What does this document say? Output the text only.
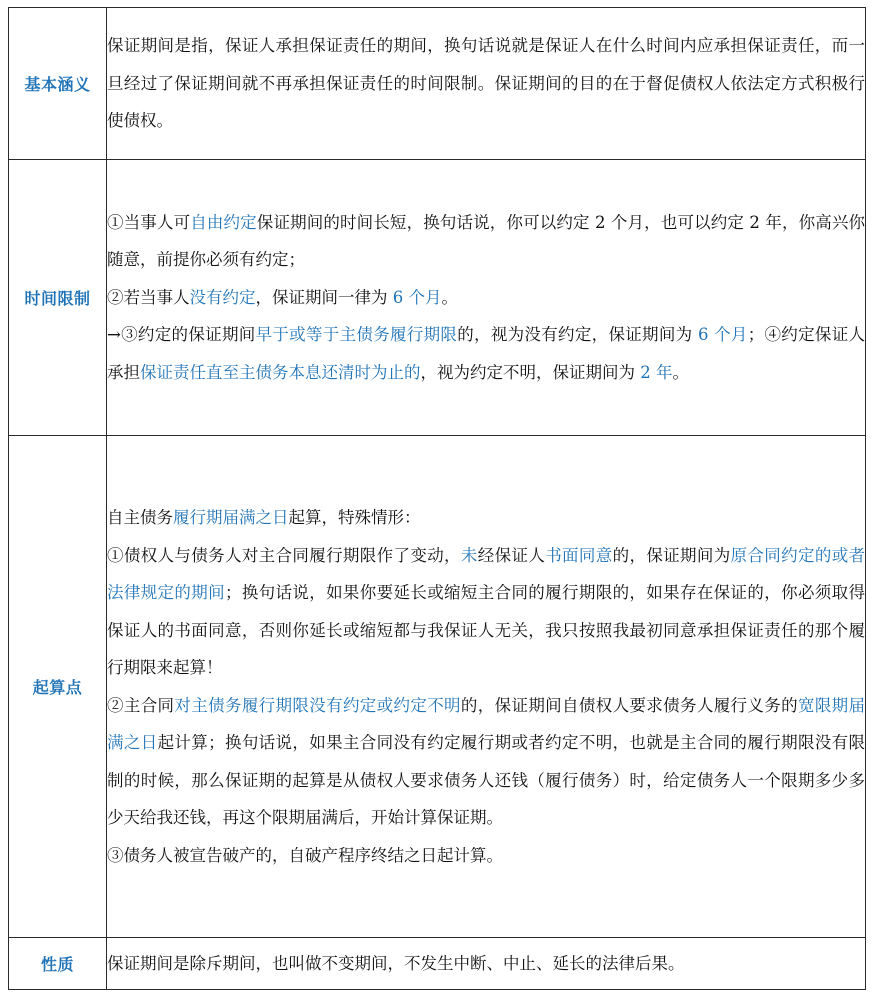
基本涵义	保证期间是指，保证人承担保证责任的期间，换句话说就是保证人在什么时间内应承担保证责任，而一旦经过了保证期间就不再承担保证责任的时间限制。保证期间的目的在于督促债权人依法定方式积极行使债权。

时间限制	①当事人可自由约定保证期间的时间长短，换句话说，你可以约定 2 个月，也可以约定 2 年，你高兴你随意，前提你必须有约定；

②若当事人没有约定，保证期间一律为 6 个月。

→③约定的保证期间早于或等于主债务履行期限的，视为没有约定，保证期间为 6 个月；④约定保证人承担保证责任直至主债务本息还清时为止的，视为约定不明，保证期间为 2 年。

起算点	自主债务履行期届满之日起算，特殊情形：

①债权人与债务人对主合同履行期限作了变动，未经保证人书面同意的，保证期间为原合同约定的或者法律规定的期间；换句话说，如果你要延长或缩短主合同的履行期限的，如果存在保证的，你必须取得保证人的书面同意，否则你延长或缩短都与我保证人无关，我只按照我最初同意承担保证责任的那个履行期限来起算！

②主合同对主债务履行期限没有约定或约定不明的，保证期间自债权人要求债务人履行义务的宽限期届满之日起计算；换句话说，如果主合同没有约定履行期或者约定不明，也就是主合同的履行期限没有限制的时候，那么保证期的起算是从债权人要求债务人还钱（履行债务）时，给定债务人一个限期多少多少天给我还钱，再这个限期届满后，开始计算保证期。

③债务人被宣告破产的，自破产程序终结之日起计算。

性质	保证期间是除斥期间，也叫做不变期间，不发生中断、中止、延长的法律后果。
